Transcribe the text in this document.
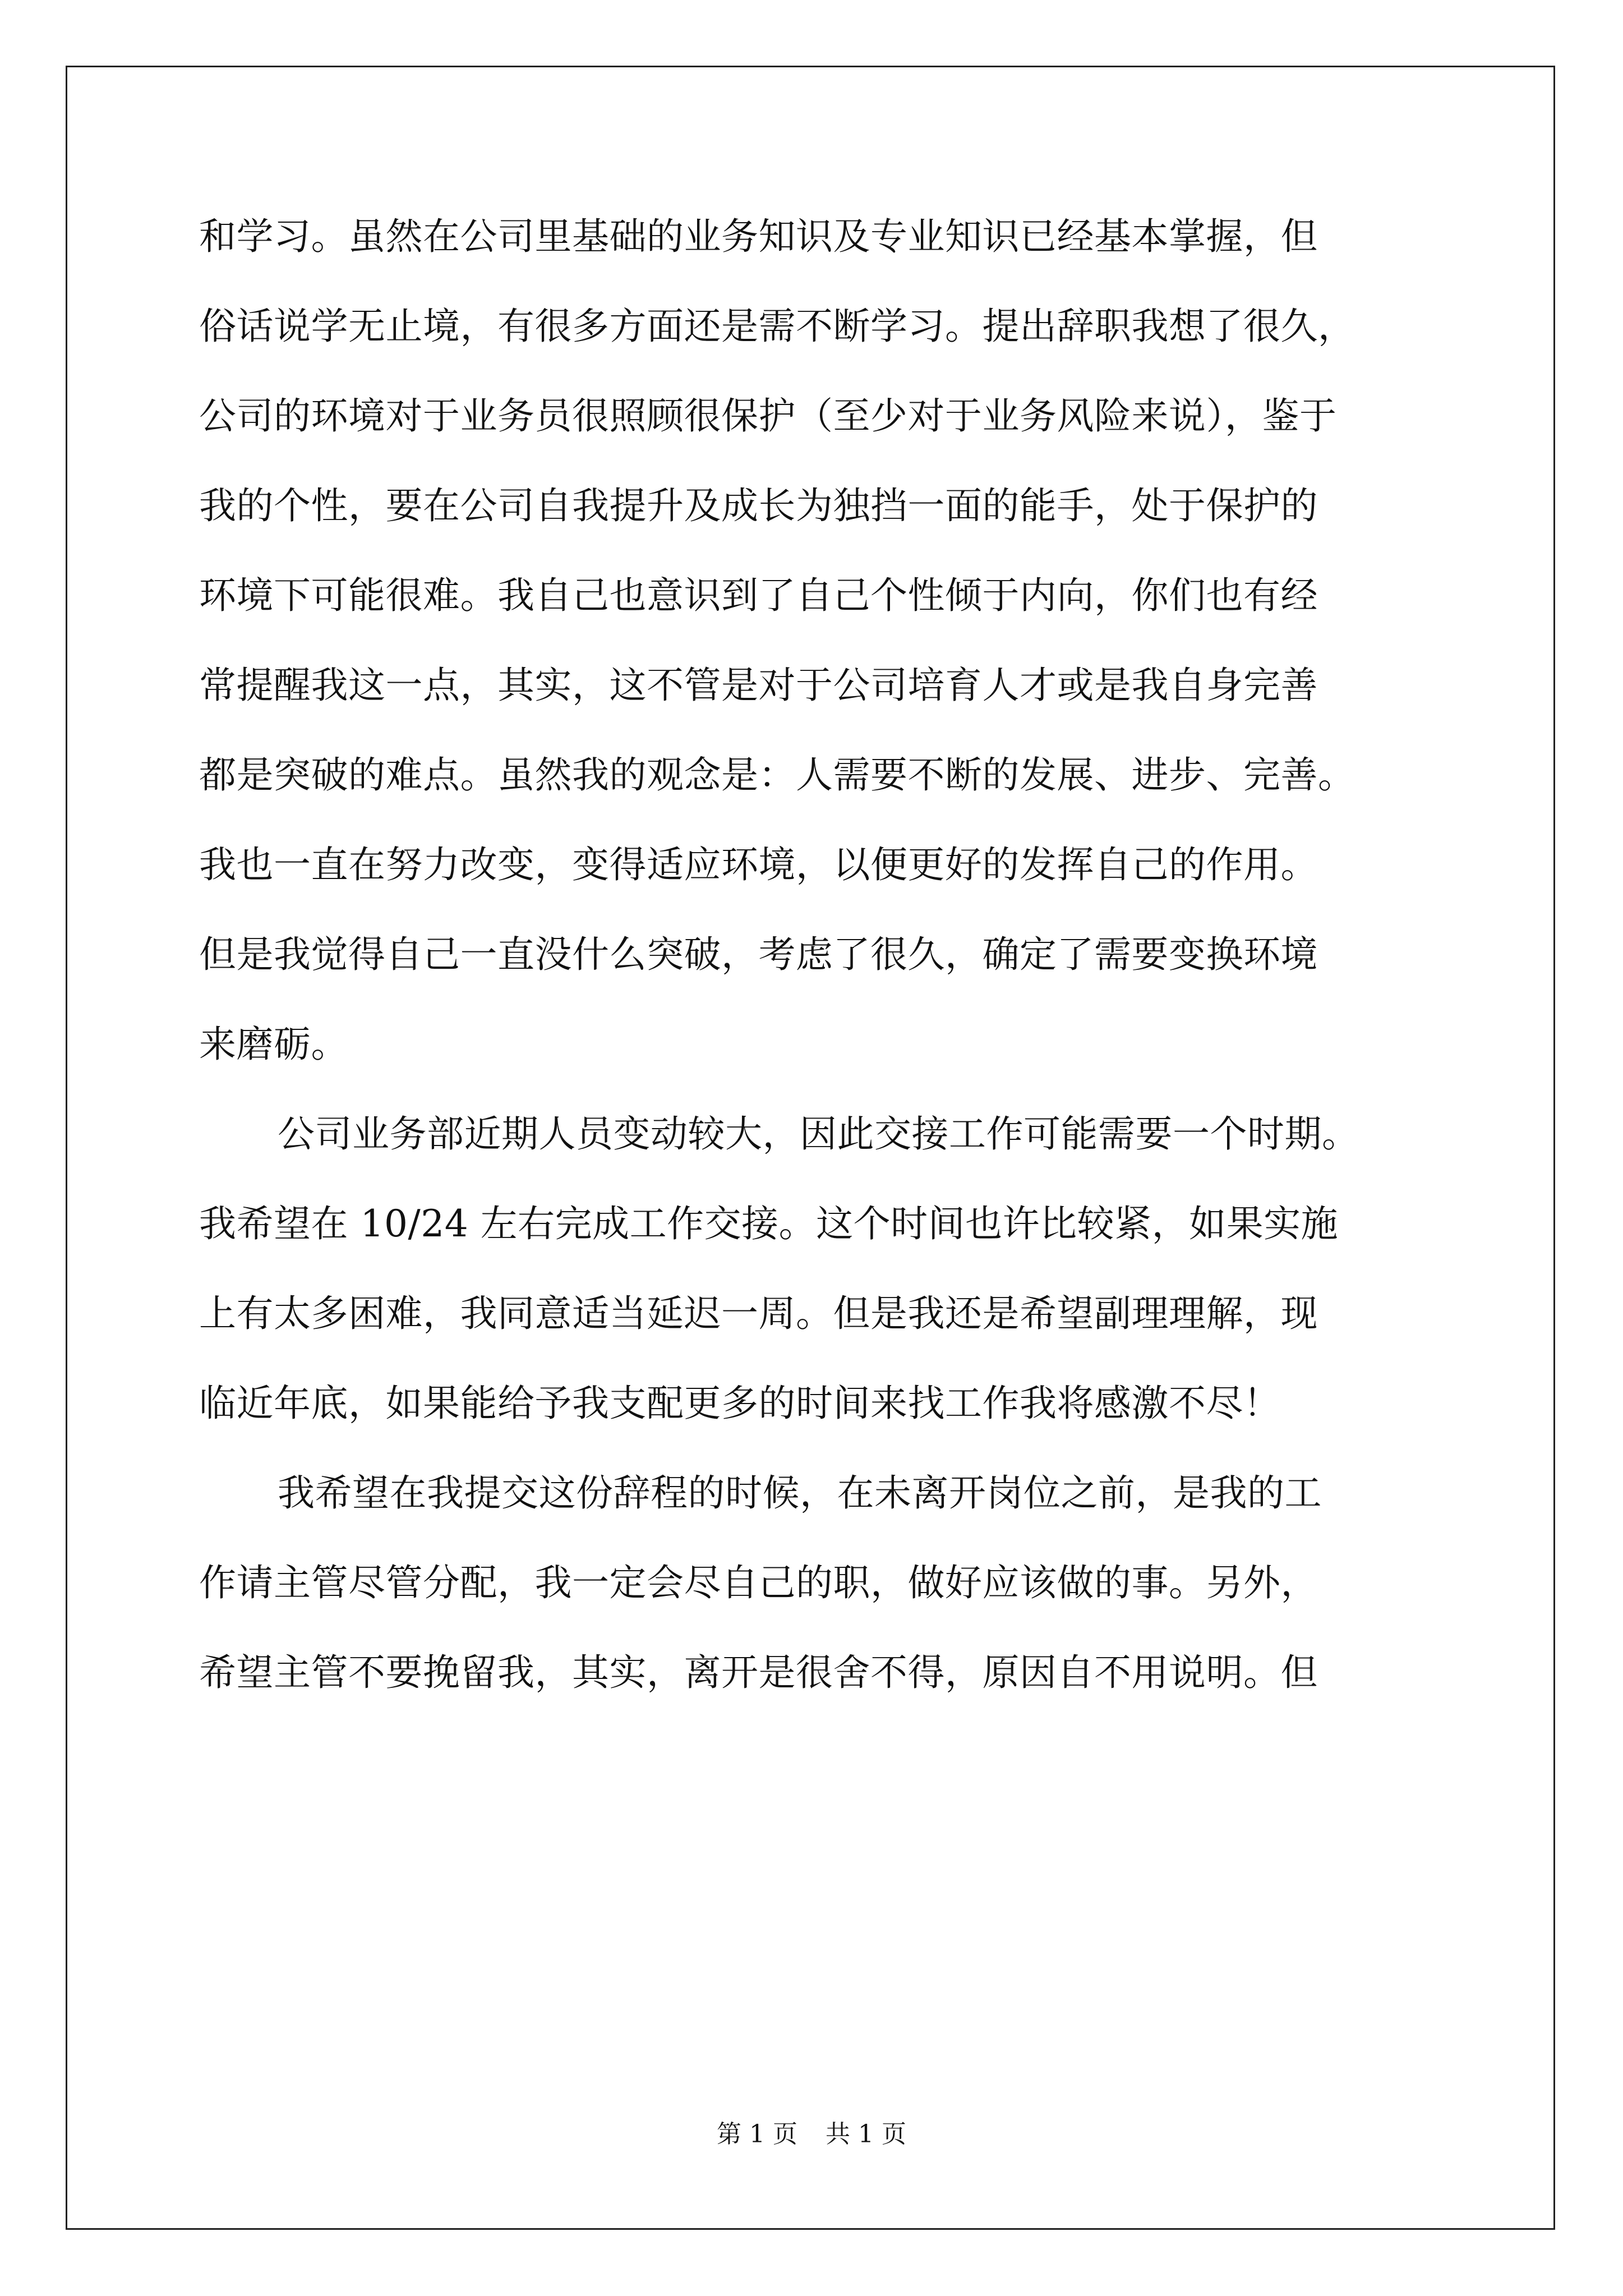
和学习。虽然在公司里基础的业务知识及专业知识已经基本掌握，但
俗话说学无止境，有很多方面还是需不断学习。提出辞职我想了很久，
公司的环境对于业务员很照顾很保护（至少对于业务风险来说），鉴于
我的个性，要在公司自我提升及成长为独挡一面的能手，处于保护的
环境下可能很难。我自己也意识到了自己个性倾于内向，你们也有经
常提醒我这一点，其实，这不管是对于公司培育人才或是我自身完善
都是突破的难点。虽然我的观念是：人需要不断的发展、进步、完善。
我也一直在努力改变，变得适应环境，以便更好的发挥自己的作用。
但是我觉得自己一直没什么突破，考虑了很久，确定了需要变换环境
来磨砺。
公司业务部近期人员变动较大，因此交接工作可能需要一个时期。
我希望在 10/24 左右完成工作交接。这个时间也许比较紧，如果实施
上有太多困难，我同意适当延迟一周。但是我还是希望副理理解，现
临近年底，如果能给予我支配更多的时间来找工作我将感激不尽！
我希望在我提交这份辞程的时候，在未离开岗位之前，是我的工
作请主管尽管分配，我一定会尽自己的职，做好应该做的事。另外，
希望主管不要挽留我，其实，离开是很舍不得，原因自不用说明。但
第 1 页 共 1 页
